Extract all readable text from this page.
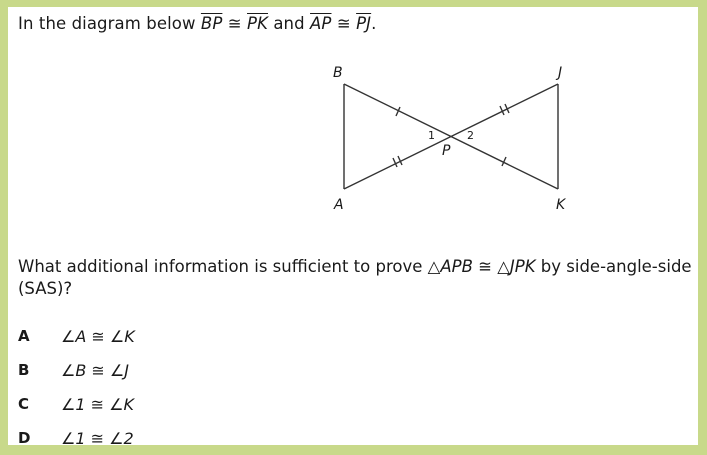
In the diagram below $\overline{BP}$ ≅ $\overline{PK}$ and $\overline{AP}$ ≅ $\overline{PJ}$.
B	J
A	K
P
1	2
What additional information is sufficient to prove △APB ≅ △JPK by side-angle-side (SAS)?
A	∠A ≅ ∠K
B	∠B ≅ ∠J
C	∠1 ≅ ∠K
D	∠1 ≅ ∠2
